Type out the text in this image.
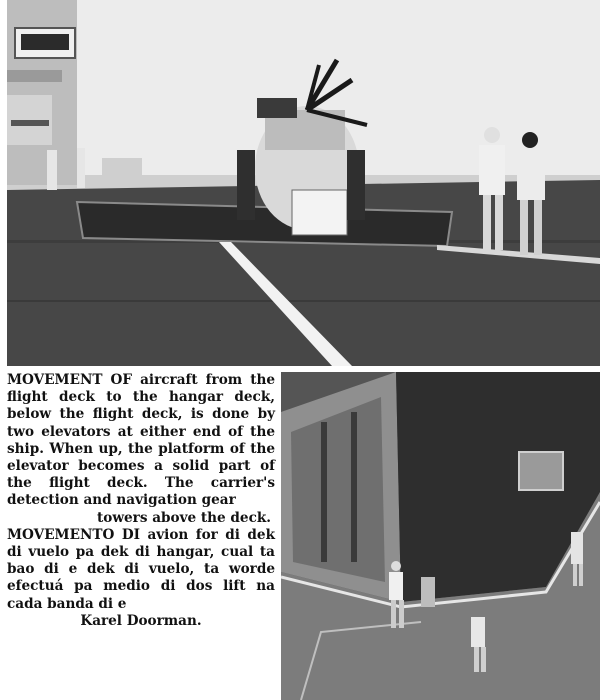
MOVEMENT OF aircraft from the flight deck to the hangar deck, below the flight deck, is done by two elevators at either end of the ship. When up, the platform of the elevator becomes a solid part of the flight deck. The carrier's detection and navigation gear
towers above the deck.

MOVEMENTO DI avion for di dek di vuelo pa dek di hangar, cual ta bao di e dek di vuelo, ta worde efectuá pa medio di dos lift na cada banda di e

Karel Doorman.
